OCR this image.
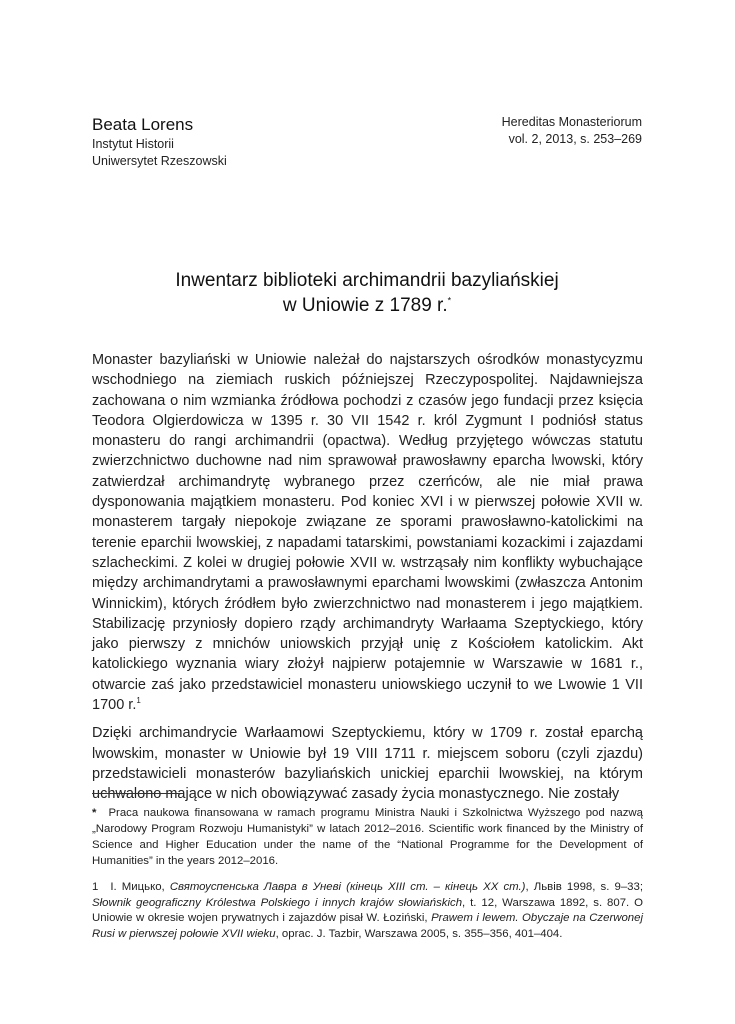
Beata Lorens
Instytut Historii
Uniwersytet Rzeszowski
Hereditas Monasteriorum
vol. 2, 2013, s. 253–269
Inwentarz biblioteki archimandrii bazyliańskiej
w Uniowie z 1789 r.*

Monaster bazyliański w Uniowie należał do najstarszych ośrodków monastycyzmu wschodniego na ziemiach ruskich późniejszej Rzeczypospolitej. Najdawniejsza zachowana o nim wzmianka źródłowa pochodzi z czasów jego fundacji przez księcia Teodora Olgierdowicza w 1395 r. 30 VII 1542 r. król Zygmunt I podniósł status monasteru do rangi archimandrii (opactwa). Według przyjętego wówczas statutu zwierzchnictwo duchowne nad nim sprawował prawosławny eparcha lwowski, który zatwierdzał archimandrytę wybranego przez czerńców, ale nie miał prawa dysponowania majątkiem monasteru. Pod koniec XVI i w pierwszej połowie XVII w. monasterem targały niepokoje związane ze sporami prawosławno-katolickimi na terenie eparchii lwowskiej, z napadami tatarskimi, powstaniami kozackimi i zajazdami szlacheckimi. Z kolei w drugiej połowie XVII w. wstrząsały nim konflikty wybuchające między archimandrytami a prawosławnymi eparchami lwowskimi (zwłaszcza Antonim Winnickim), których źródłem było zwierzchnictwo nad monasterem i jego majątkiem. Stabilizację przyniosły dopiero rządy archimandryty Warłaama Szeptyckiego, który jako pierwszy z mnichów uniowskich przyjął unię z Kościołem katolickim. Akt katolickiego wyznania wiary złożył najpierw potajemnie w Warszawie w 1681 r., otwarcie zaś jako przedstawiciel monasteru uniowskiego uczynił to we Lwowie 1 VII 1700 r.$^1$

Dzięki archimandrycie Warłaamowi Szeptyckiemu, który w 1709 r. został eparchą lwowskim, monaster w Uniowie był 19 VIII 1711 r. miejscem soboru (czyli zjazdu) przedstawicieli monasterów bazyliańskich unickiej eparchii lwowskiej, na którym uchwalono mające w nich obowiązywać zasady życia monastycznego. Nie zostały

* Praca naukowa finansowana w ramach programu Ministra Nauki i Szkolnictwa Wyższego pod nazwą „Narodowy Program Rozwoju Humanistyki” w latach 2012–2016. Scientific work financed by the Ministry of Science and Higher Education under the name of the “National Programme for the Development of Humanities” in the years 2012–2016.

1 I. Мицько, Святоуспенська Лавра в Уневі (кінець XIII ст. – кінець XX ст.), Львів 1998, s. 9–33; Słownik geograficzny Królestwa Polskiego i innych krajów słowiańskich, t. 12, Warszawa 1892, s. 807. O Uniowie w okresie wojen prywatnych i zajazdów pisał W. Łoziński, Prawem i lewem. Obyczaje na Czerwonej Rusi w pierwszej połowie XVII wieku, oprac. J. Tazbir, Warszawa 2005, s. 355–356, 401–404.
